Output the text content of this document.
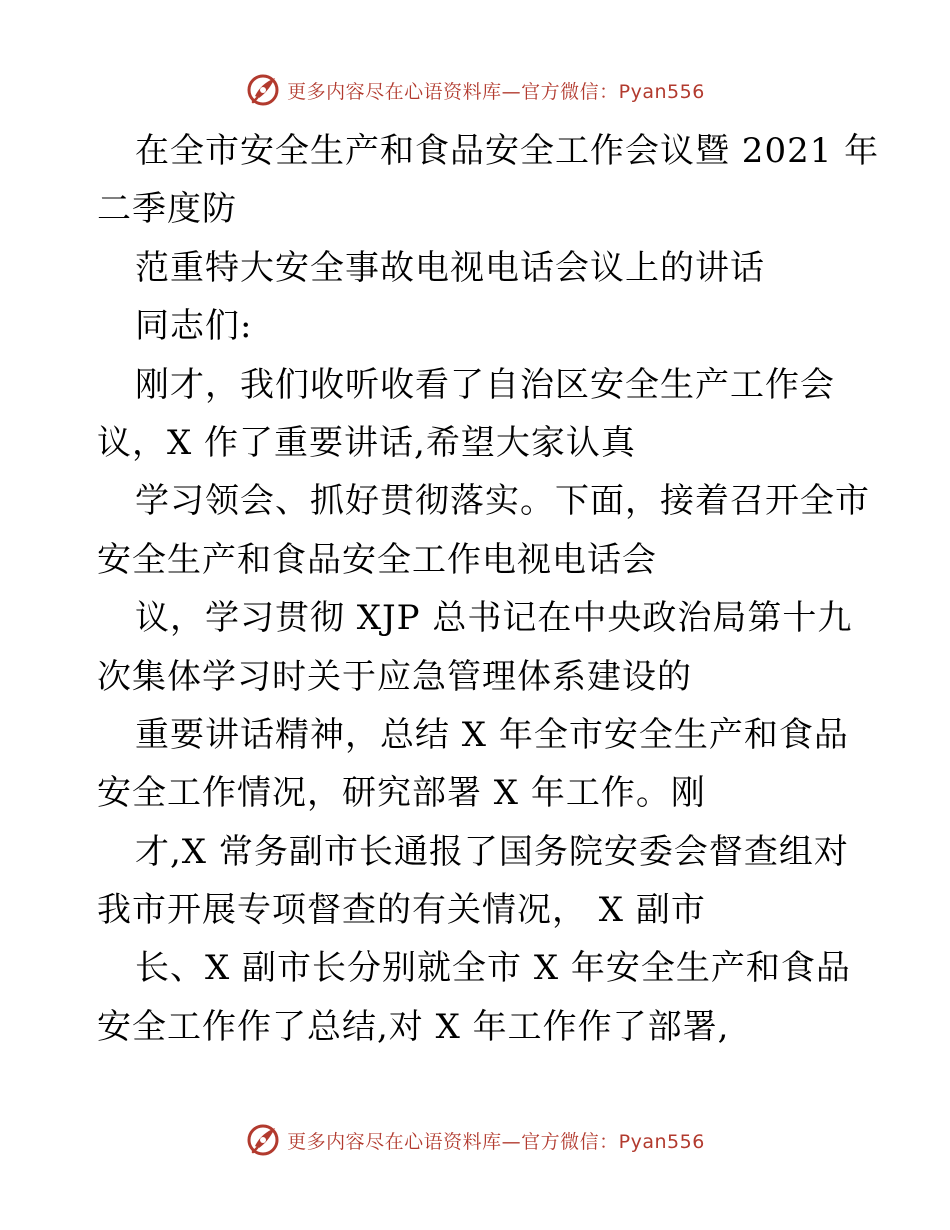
更多内容尽在心语资料库—官方微信：Pyan556
在全市安全生产和食品安全工作会议暨 2021 年
二季度防
范重特大安全事故电视电话会议上的讲话
同志们:
刚才，我们收听收看了自治区安全生产工作会
议，X 作了重要讲话,希望大家认真
学习领会、抓好贯彻落实。下面，接着召开全市
安全生产和食品安全工作电视电话会
议，学习贯彻 XJP 总书记在中央政治局第十九
次集体学习时关于应急管理体系建设的
重要讲话精神，总结 X 年全市安全生产和食品
安全工作情况，研究部署 X 年工作。刚
才,X 常务副市长通报了国务院安委会督查组对
我市开展专项督查的有关情况， X 副市
长、X 副市长分别就全市 X 年安全生产和食品
安全工作作了总结,对 X 年工作作了部署,
更多内容尽在心语资料库—官方微信：Pyan556
